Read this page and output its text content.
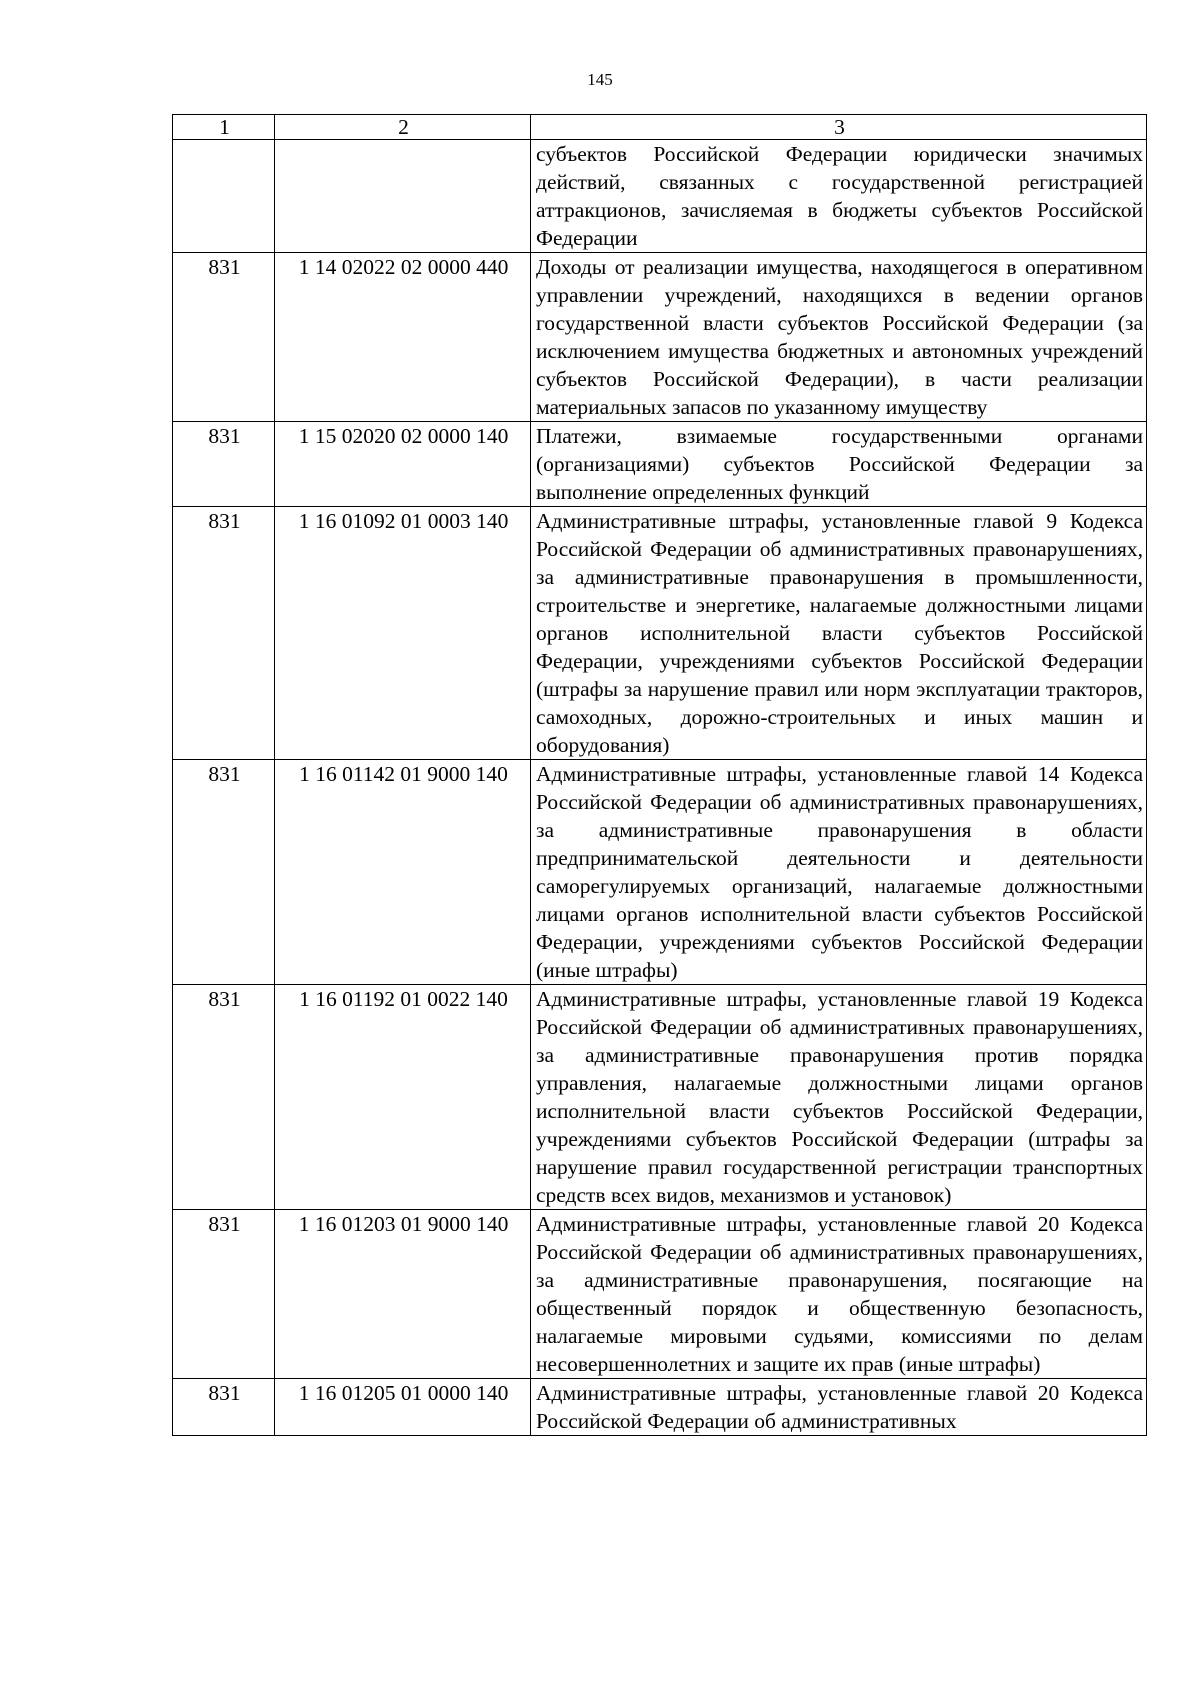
145
1	2	3
		субъектов Российской Федерации юридически значимых действий, связанных с государственной регистрацией аттракционов, зачисляемая в бюджеты субъектов Российской Федерации
831	1 14 02022 02 0000 440	Доходы от реализации имущества, находящегося в оперативном управлении учреждений, находящихся в ведении органов государственной власти субъектов Российской Федерации (за исключением имущества бюджетных и автономных учреждений субъектов Российской Федерации), в части реализации материальных запасов по указанному имуществу
831	1 15 02020 02 0000 140	Платежи, взимаемые государственными органами (организациями) субъектов Российской Федерации за выполнение определенных функций
831	1 16 01092 01 0003 140	Административные штрафы, установленные главой 9 Кодекса Российской Федерации об административных правонарушениях, за административные правонарушения в промышленности, строительстве и энергетике, налагаемые должностными лицами органов исполнительной власти субъектов Российской Федерации, учреждениями субъектов Российской Федерации (штрафы за нарушение правил или норм эксплуатации тракторов, самоходных, дорожно-строительных и иных машин и оборудования)
831	1 16 01142 01 9000 140	Административные штрафы, установленные главой 14 Кодекса Российской Федерации об административных правонарушениях, за административные правонарушения в области предпринимательской деятельности и деятельности саморегулируемых организаций, налагаемые должностными лицами органов исполнительной власти субъектов Российской Федерации, учреждениями субъектов Российской Федерации (иные штрафы)
831	1 16 01192 01 0022 140	Административные штрафы, установленные главой 19 Кодекса Российской Федерации об административных правонарушениях, за административные правонарушения против порядка управления, налагаемые должностными лицами органов исполнительной власти субъектов Российской Федерации, учреждениями субъектов Российской Федерации (штрафы за нарушение правил государственной регистрации транспортных средств всех видов, механизмов и установок)
831	1 16 01203 01 9000 140	Административные штрафы, установленные главой 20 Кодекса Российской Федерации об административных правонарушениях, за административные правонарушения, посягающие на общественный порядок и общественную безопасность, налагаемые мировыми судьями, комиссиями по делам несовершеннолетних и защите их прав (иные штрафы)
831	1 16 01205 01 0000 140	Административные штрафы, установленные главой 20 Кодекса Российской Федерации об административных
